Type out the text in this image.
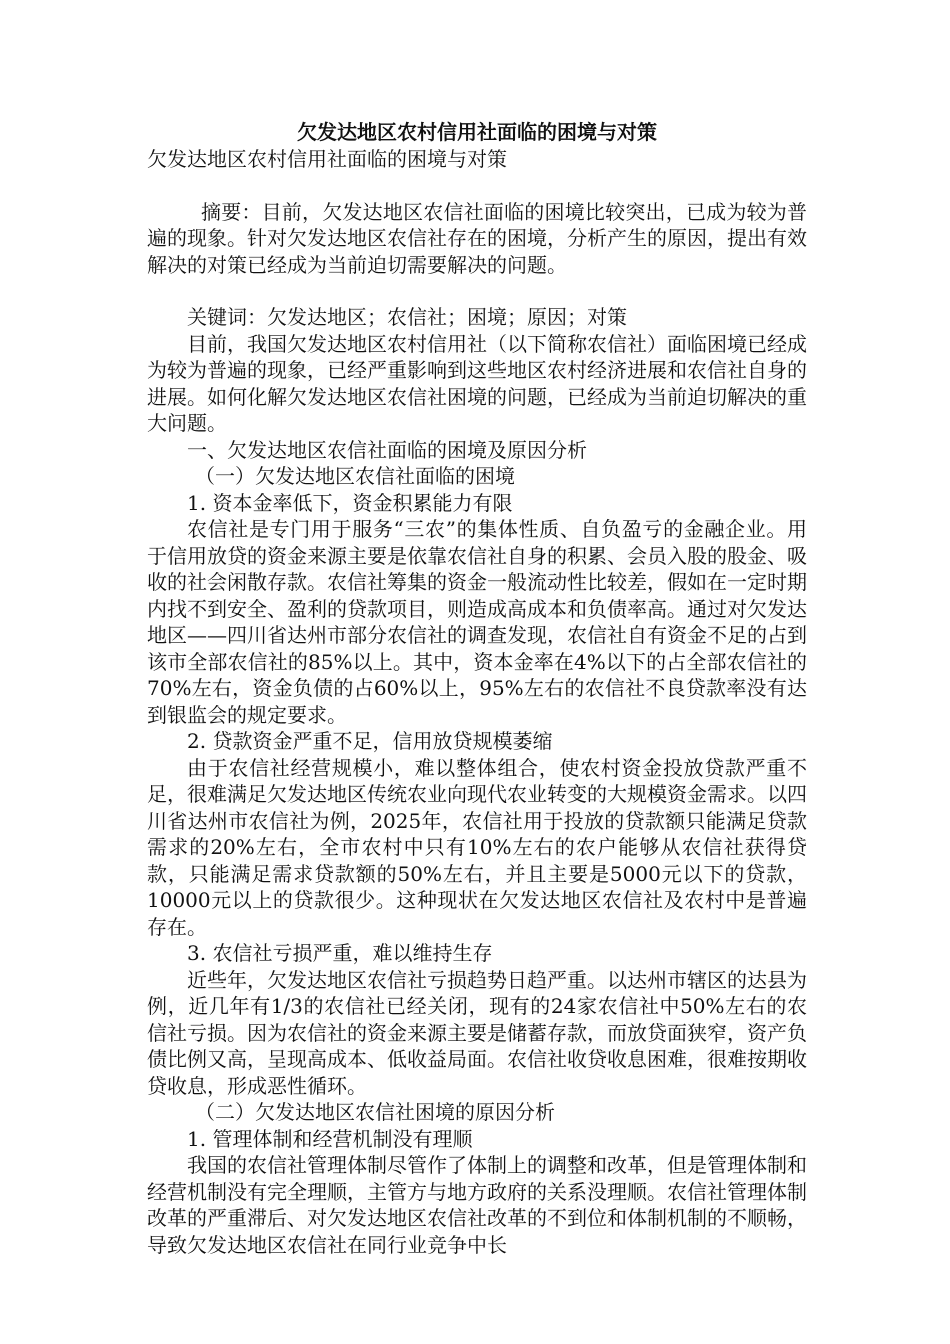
欠发达地区农村信用社面临的困境与对策

欠发达地区农村信用社面临的困境与对策

摘要：目前，欠发达地区农信社面临的困境比较突出，已成为较为普遍的现象。针对欠发达地区农信社存在的困境，分析产生的原因，提出有效解决的对策已经成为当前迫切需要解决的问题。

关键词：欠发达地区；农信社；困境；原因；对策

目前，我国欠发达地区农村信用社（以下简称农信社）面临困境已经成为较为普遍的现象，已经严重影响到这些地区农村经济进展和农信社自身的进展。如何化解欠发达地区农信社困境的问题，已经成为当前迫切解决的重大问题。

一、欠发达地区农信社面临的困境及原因分析

（一）欠发达地区农信社面临的困境

1. 资本金率低下，资金积累能力有限

农信社是专门用于服务“三农”的集体性质、自负盈亏的金融企业。用于信用放贷的资金来源主要是依靠农信社自身的积累、会员入股的股金、吸收的社会闲散存款。农信社筹集的资金一般流动性比较差，假如在一定时期内找不到安全、盈利的贷款项目，则造成高成本和负债率高。通过对欠发达地区——四川省达州市部分农信社的调查发现，农信社自有资金不足的占到该市全部农信社的85%以上。其中，资本金率在4%以下的占全部农信社的70%左右，资金负债的占60%以上，95%左右的农信社不良贷款率没有达到银监会的规定要求。

2. 贷款资金严重不足，信用放贷规模萎缩

由于农信社经营规模小，难以整体组合，使农村资金投放贷款严重不足，很难满足欠发达地区传统农业向现代农业转变的大规模资金需求。以四川省达州市农信社为例，2025年，农信社用于投放的贷款额只能满足贷款需求的20%左右，全市农村中只有10%左右的农户能够从农信社获得贷款，只能满足需求贷款额的50%左右，并且主要是5000元以下的贷款，10000元以上的贷款很少。这种现状在欠发达地区农信社及农村中是普遍存在。

3. 农信社亏损严重，难以维持生存

近些年，欠发达地区农信社亏损趋势日趋严重。以达州市辖区的达县为例，近几年有1/3的农信社已经关闭，现有的24家农信社中50%左右的农信社亏损。因为农信社的资金来源主要是储蓄存款，而放贷面狭窄，资产负债比例又高，呈现高成本、低收益局面。农信社收贷收息困难，很难按期收贷收息，形成恶性循环。

（二）欠发达地区农信社困境的原因分析

1. 管理体制和经营机制没有理顺

我国的农信社管理体制尽管作了体制上的调整和改革，但是管理体制和经营机制没有完全理顺，主管方与地方政府的关系没理顺。农信社管理体制改革的严重滞后、对欠发达地区农信社改革的不到位和体制机制的不顺畅，导致欠发达地区农信社在同行业竞争中长
